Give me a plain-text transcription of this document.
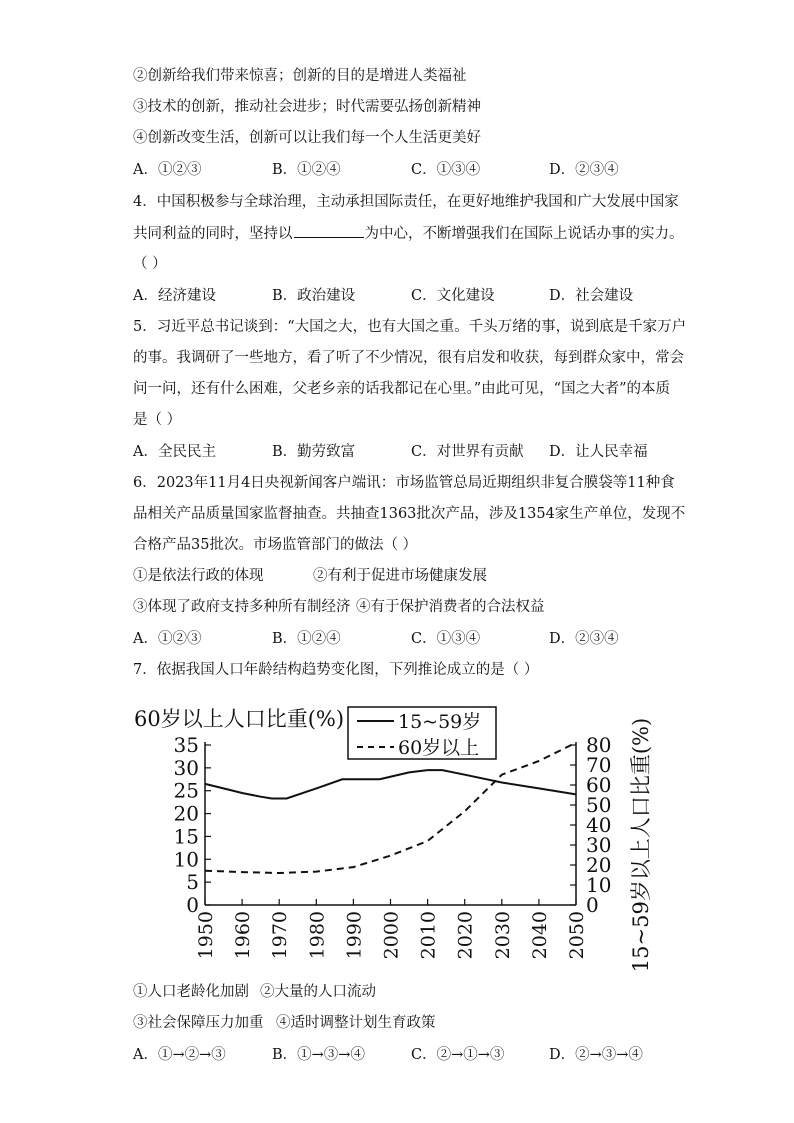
②创新给我们带来惊喜；创新的目的是增进人类福祉
③技术的创新，推动社会进步；时代需要弘扬创新精神
④创新改变生活，创新可以让我们每一个人生活更美好
A．①②③	B．①②④	C．①③④	D．②③④
4．中国积极参与全球治理，主动承担国际责任，在更好地维护我国和广大发展中国家
共同利益的同时，坚持以	为中心，不断增强我们在国际上说话办事的实力。
（ ）
A．经济建设	B．政治建设	C．文化建设	D．社会建设
5．习近平总书记谈到：“大国之大，也有大国之重。千头万绪的事，说到底是千家万户
的事。我调研了一些地方，看了听了不少情况，很有启发和收获，每到群众家中，常会
问一问，还有什么困难，父老乡亲的话我都记在心里。”由此可见，“国之大者”的本质
是（ ）
A．全民民主	B．勤劳致富	C．对世界有贡献 D．让人民幸福
6．2023年11月4日央视新闻客户端讯：市场监管总局近期组织非复合膜袋等11种食
品相关产品质量国家监督抽查。共抽查1363批次产品，涉及1354家生产单位，发现不
合格产品35批次。市场监管部门的做法（ ）
①是依法行政的体现	②有利于促进市场健康发展
③体现了政府支持多种所有制经济 ④有于保护消费者的合法权益
A．①②③	B．①②④	C．①③④	D．②③④
7．依据我国人口年龄结构趋势变化图，下列推论成立的是（ ）
60岁以上人口比重(%)	15~59岁
60岁以上
0
5
10
15
20
25
30
35
0
10
20
30
40
50
60
70
80
1950 1960 1970 1980 1990 2000 2010 2020 2030 2040 2050 15~59岁以上人口比重(%)
①人口老龄化加剧 ②大量的人口流动
③社会保障压力加重 ④适时调整计划生育政策
A．①→②→③	B．①→③→④	C．②→①→③	D．②→③→④
